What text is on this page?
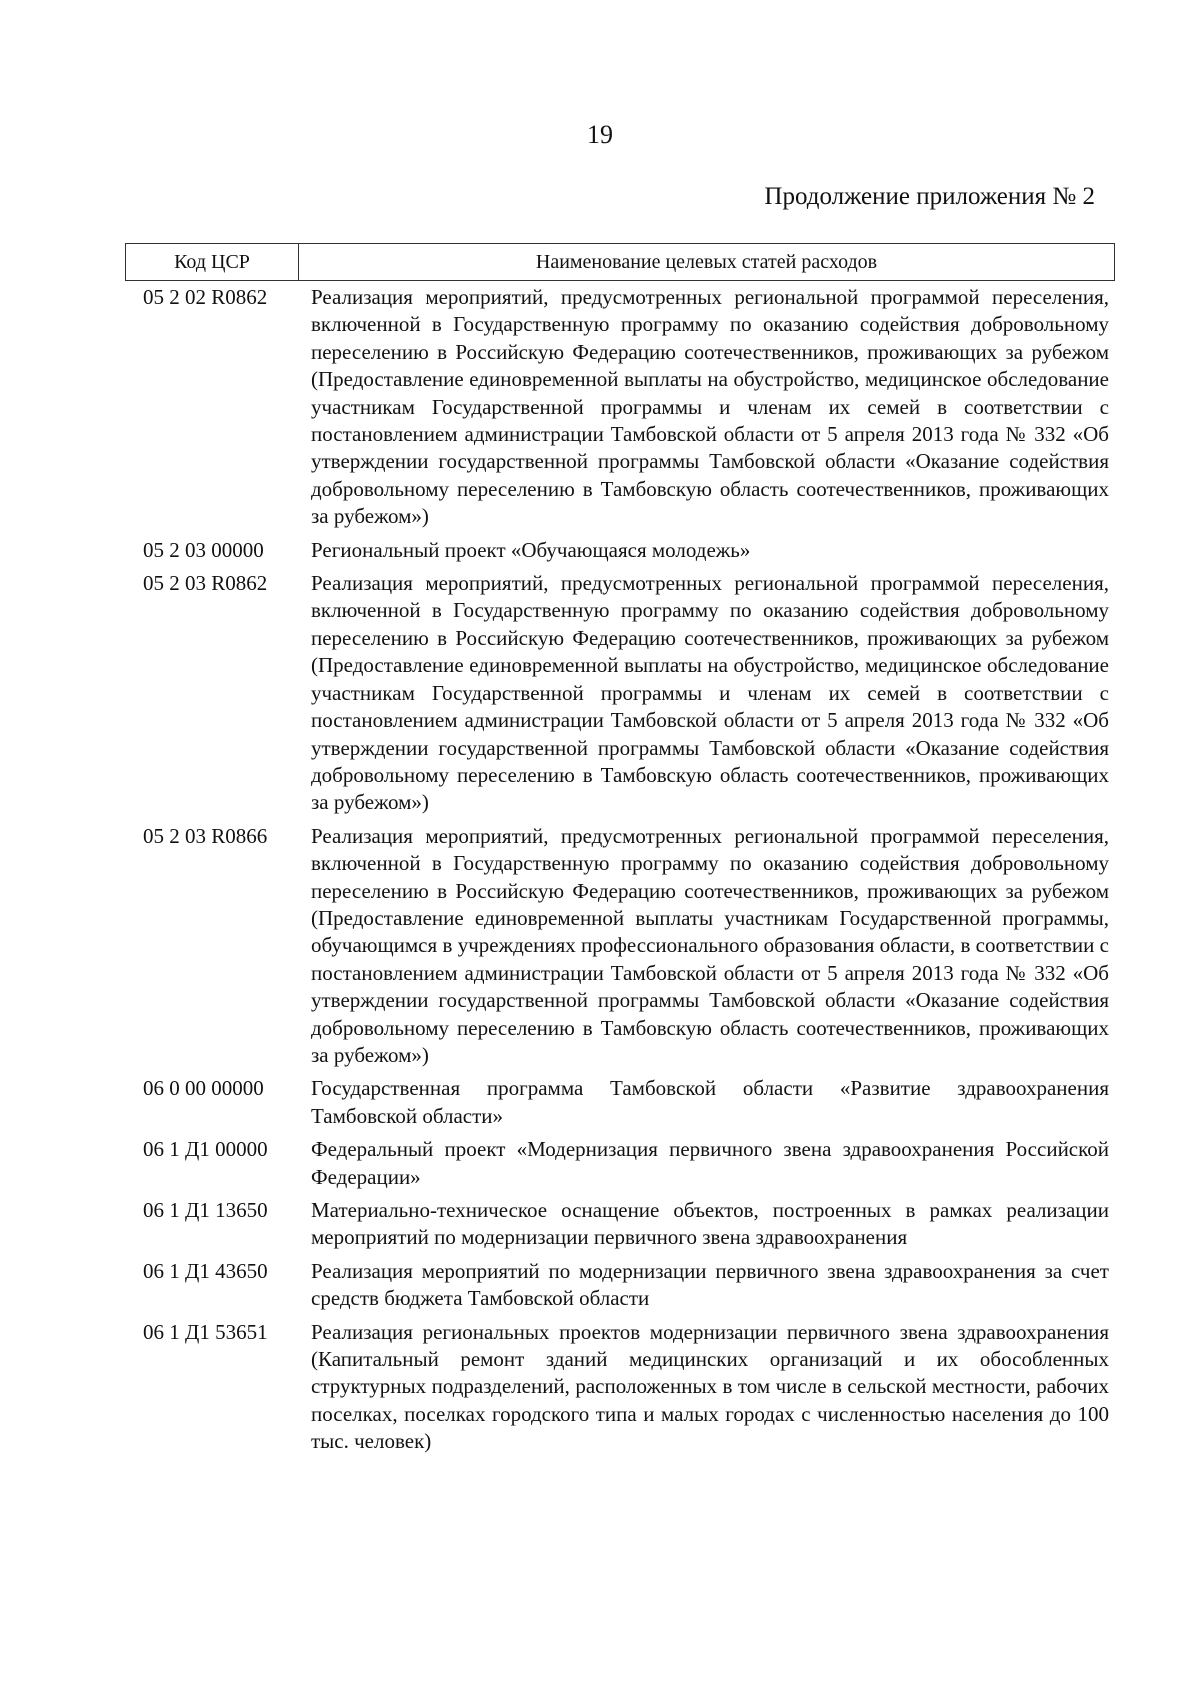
19
Продолжение приложения № 2
Код ЦСР	Наименование целевых статей расходов
05 2 02 R0862	Реализация мероприятий, предусмотренных региональной программой переселения, включенной в Государственную программу по оказанию содействия добровольному переселению в Российскую Федерацию соотечественников, проживающих за рубежом (Предоставление единовременной выплаты на обустройство, медицинское обследование участникам Государственной программы и членам их семей в соответствии с постановлением администрации Тамбовской области от 5 апреля 2013 года № 332 «Об утверждении государственной программы Тамбовской области «Оказание содействия добровольному переселению в Тамбовскую область соотечественников, проживающих за рубежом»)
05 2 03 00000	Региональный проект «Обучающаяся молодежь»
05 2 03 R0862	Реализация мероприятий, предусмотренных региональной программой переселения, включенной в Государственную программу по оказанию содействия добровольному переселению в Российскую Федерацию соотечественников, проживающих за рубежом (Предоставление единовременной выплаты на обустройство, медицинское обследование участникам Государственной программы и членам их семей в соответствии с постановлением администрации Тамбовской области от 5 апреля 2013 года № 332 «Об утверждении государственной программы Тамбовской области «Оказание содействия добровольному переселению в Тамбовскую область соотечественников, проживающих за рубежом»)
05 2 03 R0866	Реализация мероприятий, предусмотренных региональной программой переселения, включенной в Государственную программу по оказанию содействия добровольному переселению в Российскую Федерацию соотечественников, проживающих за рубежом (Предоставление единовременной выплаты участникам Государственной программы, обучающимся в учреждениях профессионального образования области, в соответствии с постановлением администрации Тамбовской области от 5 апреля 2013 года № 332 «Об утверждении государственной программы Тамбовской области «Оказание содействия добровольному переселению в Тамбовскую область соотечественников, проживающих за рубежом»)
06 0 00 00000	Государственная программа Тамбовской области «Развитие здравоохранения Тамбовской области»
06 1 Д1 00000	Федеральный проект «Модернизация первичного звена здравоохранения Российской Федерации»
06 1 Д1 13650	Материально-техническое оснащение объектов, построенных в рамках реализации мероприятий по модернизации первичного звена здравоохранения
06 1 Д1 43650	Реализация мероприятий по модернизации первичного звена здравоохранения за счет средств бюджета Тамбовской области
06 1 Д1 53651	Реализация региональных проектов модернизации первичного звена здравоохранения (Капитальный ремонт зданий медицинских организаций и их обособленных структурных подразделений, расположенных в том числе в сельской местности, рабочих поселках, поселках городского типа и малых городах с численностью населения до 100 тыс. человек)
